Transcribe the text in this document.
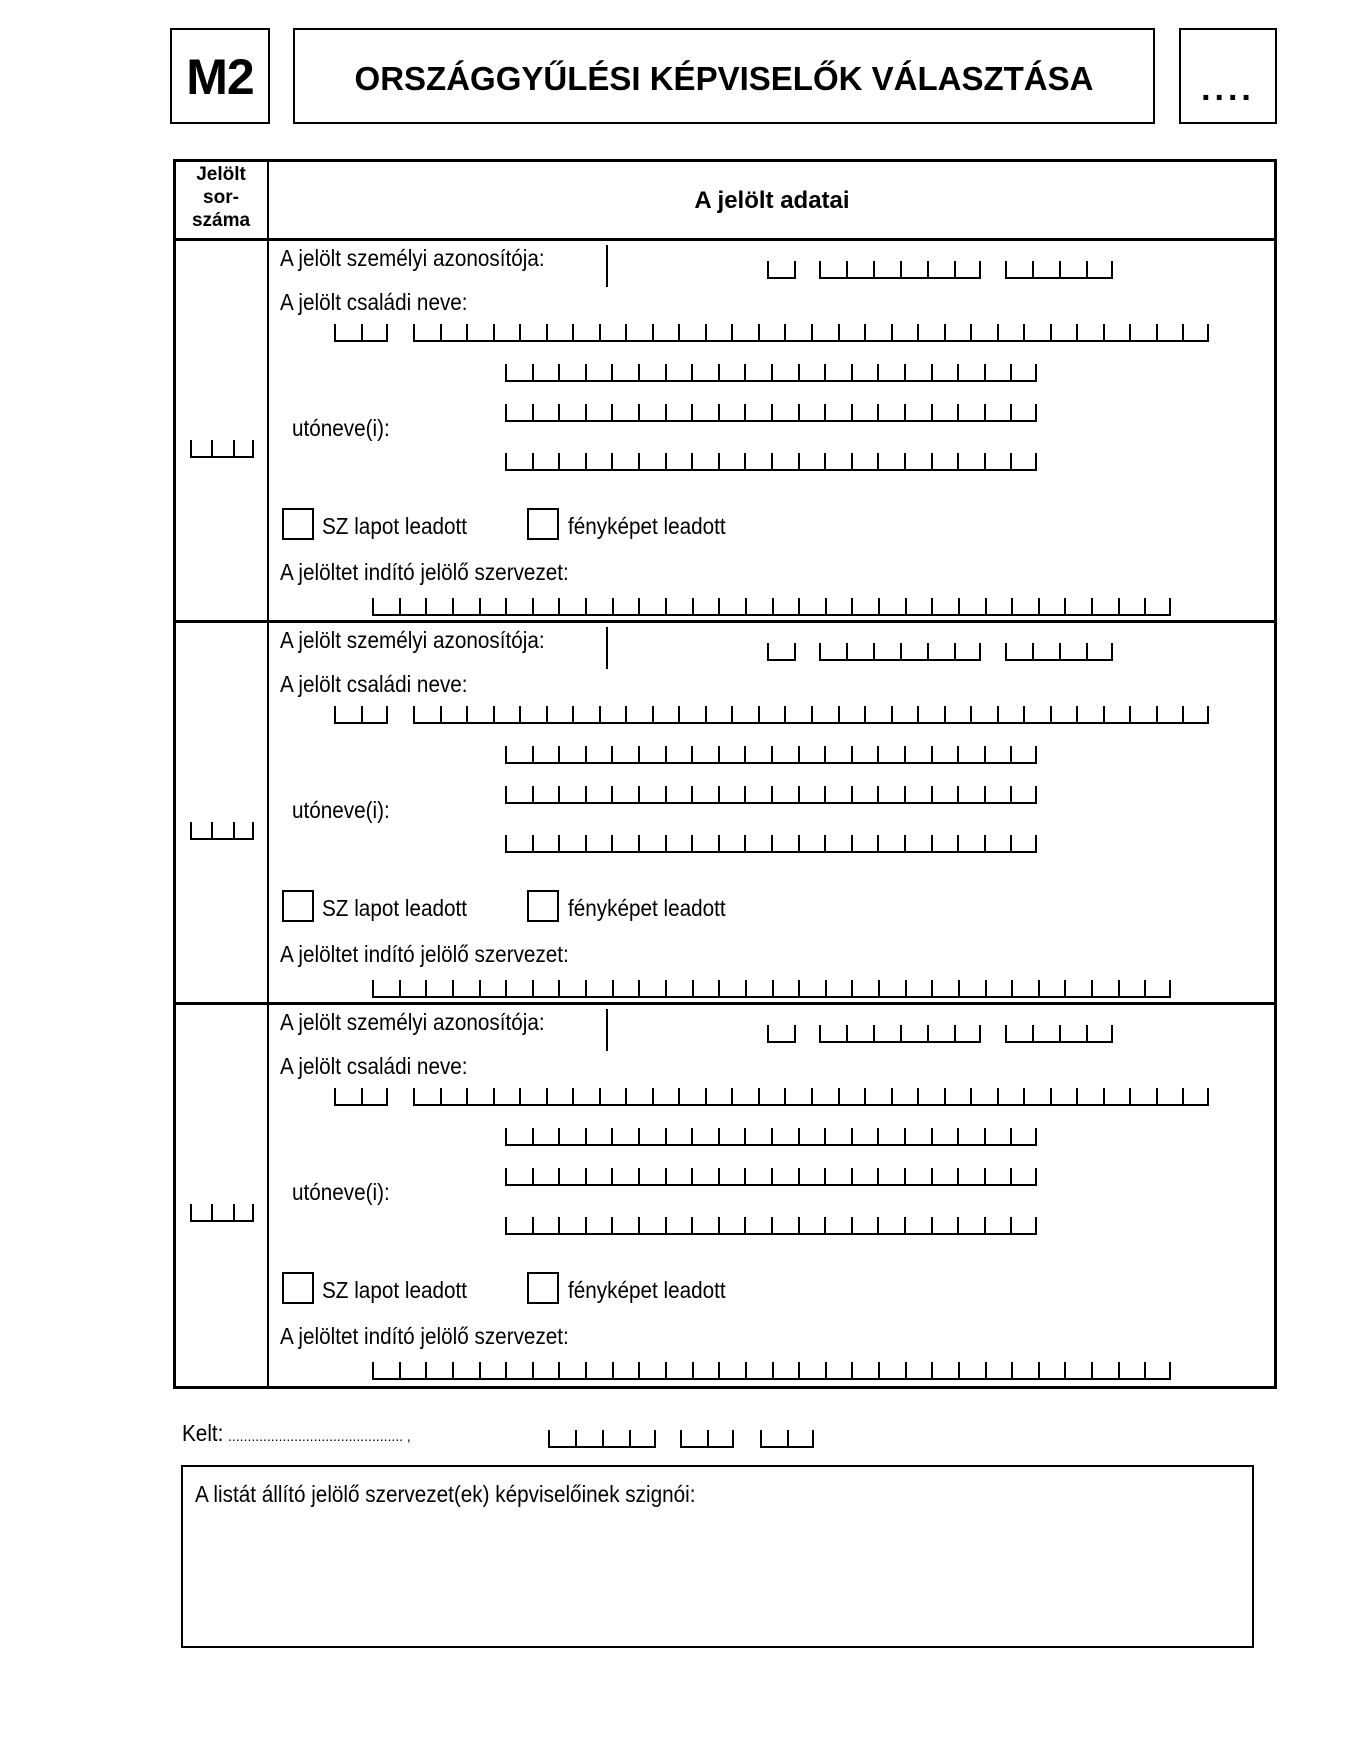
M2	ORSZÁGGYŰLÉSI KÉPVISELŐK VÁLASZTÁSA	....
Jelölt
sor-
száma
A jelölt adatai
A jelölt személyi azonosítója:
A jelölt családi neve:
utóneve(i):
SZ lapot leadott	fényképet leadott
A jelöltet indító jelölő szervezet:
A jelölt személyi azonosítója:
A jelölt családi neve:
utóneve(i):
SZ lapot leadott	fényképet leadott
A jelöltet indító jelölő szervezet:
A jelölt személyi azonosítója:
A jelölt családi neve:
utóneve(i):
SZ lapot leadott	fényképet leadott
A jelöltet indító jelölő szervezet:
Kelt: ............................................. ,
A listát állító jelölő szervezet(ek) képviselőinek szignói:
